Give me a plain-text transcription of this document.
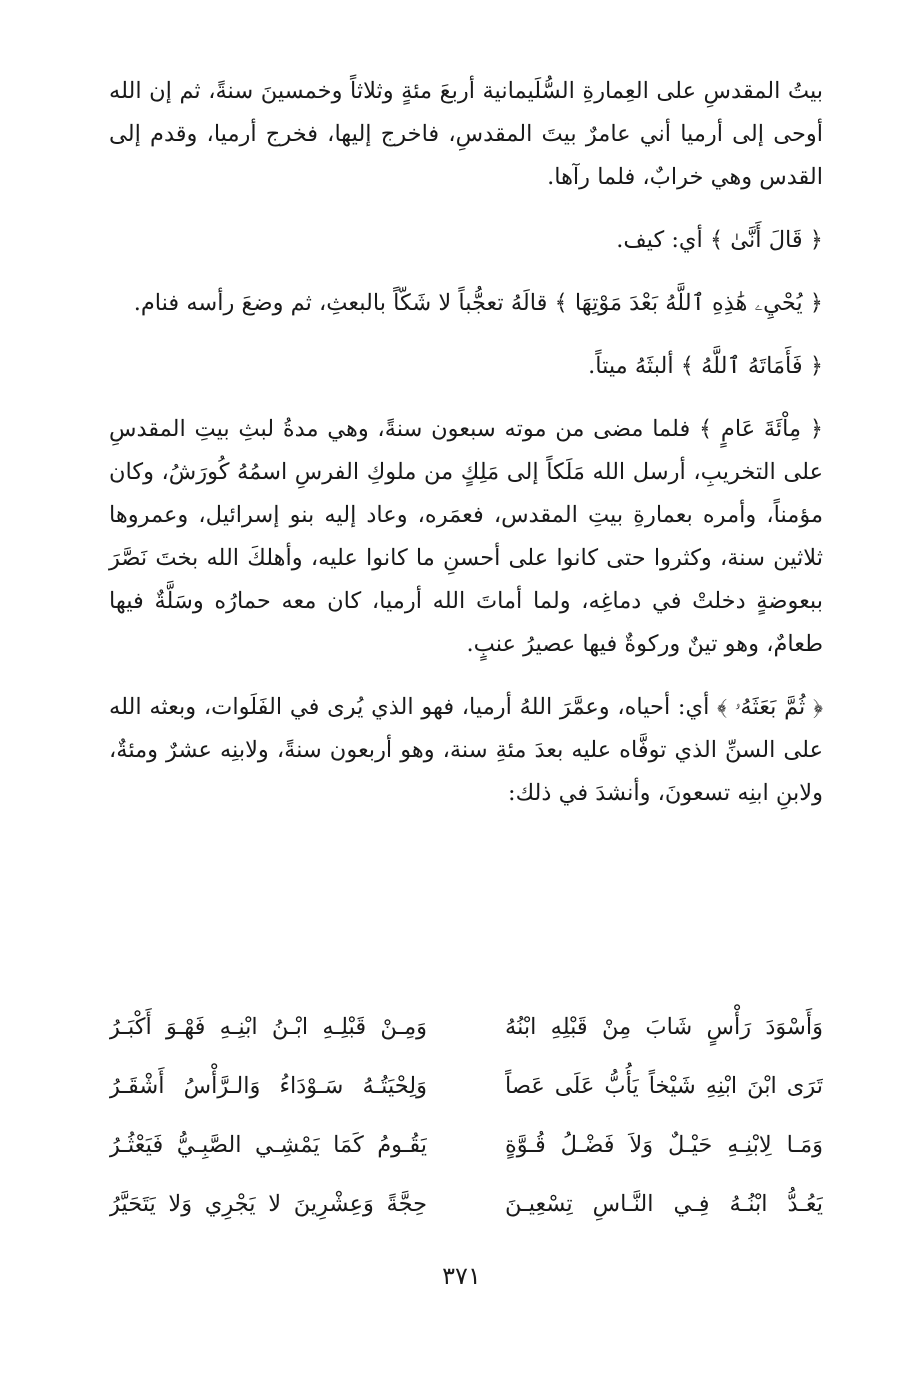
بيتُ المقدسِ على العِمارةِ السُّلَيمانية أربعَ مئةٍ وثلاثاً وخمسينَ سنةً، ثم إن الله أوحى إلى أرميا أني عامرٌ بيتَ المقدسِ، فاخرج إليها، فخرج أرميا، وقدم إلى القدس وهي خرابٌ، فلما رآها.

﴿ قَالَ أَنَّىٰ ﴾ أي: كيف.

﴿ يُحْيِۦ هَٰذِهِ ٱللَّهُ بَعْدَ مَوْتِهَا ﴾ قالَهُ تعجُّباً لا شَكّاً بالبعثِ، ثم وضعَ رأسه فنام.

﴿ فَأَمَاتَهُ ٱللَّهُ ﴾ ألبثَهُ ميتاً.

﴿ مِاْئَةَ عَامٍ ﴾ فلما مضى من موته سبعون سنةً، وهي مدةُ لبثِ بيتِ المقدسِ على التخريبِ، أرسل الله مَلَكاً إلى مَلِكٍ من ملوكِ الفرسِ اسمُهُ كُورَشُ، وكان مؤمناً، وأمره بعمارةِ بيتِ المقدس، فعمَره، وعاد إليه بنو إسرائيل، وعمروها ثلاثين سنة، وكثروا حتى كانوا على أحسنِ ما كانوا عليه، وأهلكَ الله بختَ نَصَّرَ ببعوضةٍ دخلتْ في دماغِه، ولما أماتَ الله أرميا، كان معه حمارُه وسَلَّةٌ فيها طعامٌ، وهو تينٌ وركوةٌ فيها عصيرُ عنبٍ.

﴿ ثُمَّ بَعَثَهُۥ ﴾ أي: أحياه، وعمَّرَ اللهُ أرميا، فهو الذي يُرى في الفَلَوات، وبعثه الله على السنِّ الذي توفَّاه عليه بعدَ مئةِ سنة، وهو أربعون سنةً، ولابنِه عشرٌ ومئةٌ، ولابنِ ابنِه تسعونَ، وأنشدَ في ذلك:

وَأَسْوَدَ رَأْسٍ شَابَ مِنْ قَبْلِهِ ابْنُهُ
وَمِـنْ قَبْلِـهِ ابْـنُ ابْنِـهِ فَهْـوَ أَكْبَـرُ
تَرَى ابْنَ ابْنِهِ شَيْخاً يَأُبُّ عَلَى عَصاً
وَلِحْيَتُـهُ سَـوْدَاءُ وَالـرَّأْسُ أَشْقَـرُ
وَمَـا لِابْنِـهِ حَيْـلٌ وَلاَ فَضْـلُ قُـوَّةٍ
يَقُـومُ كَمَا يَمْشِـي الصَّبِـيُّ فَيَعْثُـرُ
يَعُـدُّ ابْنُـهُ فِـي النَّـاسِ تِسْعِيـنَ
حِجَّةً وَعِشْرِينَ لا يَجْرِي وَلا يَتَحَيَّرُ
٣٧١
